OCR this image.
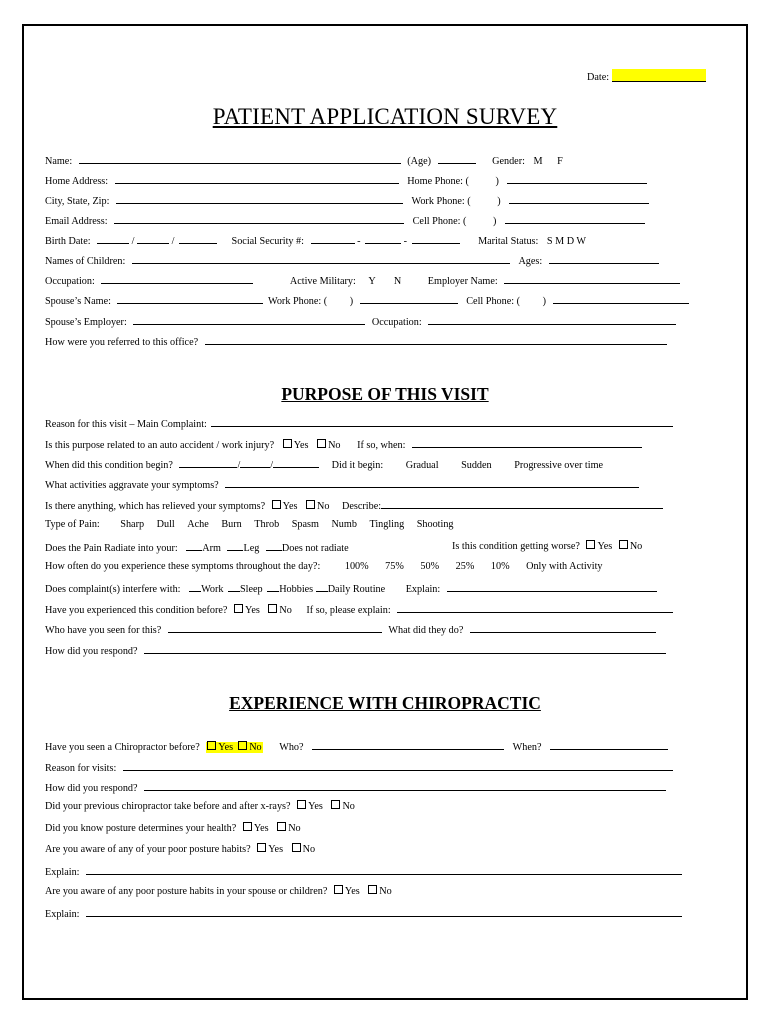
Date:
PATIENT APPLICATION SURVEY
Name:	(Age)	Gender: M F
Home Address:	Home Phone: (	)
City, State, Zip:	Work Phone: (	)
Email Address:	Cell Phone: (	)
Birth Date:	/	/	Social Security #:	-	-	Marital Status: S M D W
Names of Children:	Ages:
Occupation:	Active Military: Y N	Employer Name:
Spouse’s Name:	Work Phone: ( )	Cell Phone: ( )
Spouse’s Employer:	Occupation:
How were you referred to this office?
PURPOSE OF THIS VISIT
Reason for this visit – Main Complaint:
Is this purpose related to an auto accident / work injury? Yes No If so, when:
When did this condition begin?	/	/	Did it begin: Gradual Sudden Progressive over time
What activities aggravate your symptoms?
Is there anything, which has relieved your symptoms? Yes No Describe:
Type of Pain: Sharp Dull Ache Burn Throb Spasm Numb Tingling Shooting
Does the Pain Radiate into your: Arm Leg Does not radiate	Is this condition getting worse? Yes No
How often do you experience these symptoms throughout the day?: 100% 75% 50% 25% 10% Only with Activity
Does complaint(s) interfere with: Work Sleep Hobbies Daily Routine Explain:
Have you experienced this condition before? Yes No If so, please explain:
Who have you seen for this?	What did they do?
How did you respond?
EXPERIENCE WITH CHIROPRACTIC
Have you seen a Chiropractor before? Yes No Who?	When?
Reason for visits:
How did you respond?
Did your previous chiropractor take before and after x-rays? Yes No
Did you know posture determines your health? Yes No
Are you aware of any of your poor posture habits? Yes No
Explain:
Are you aware of any poor posture habits in your spouse or children? Yes No
Explain:
